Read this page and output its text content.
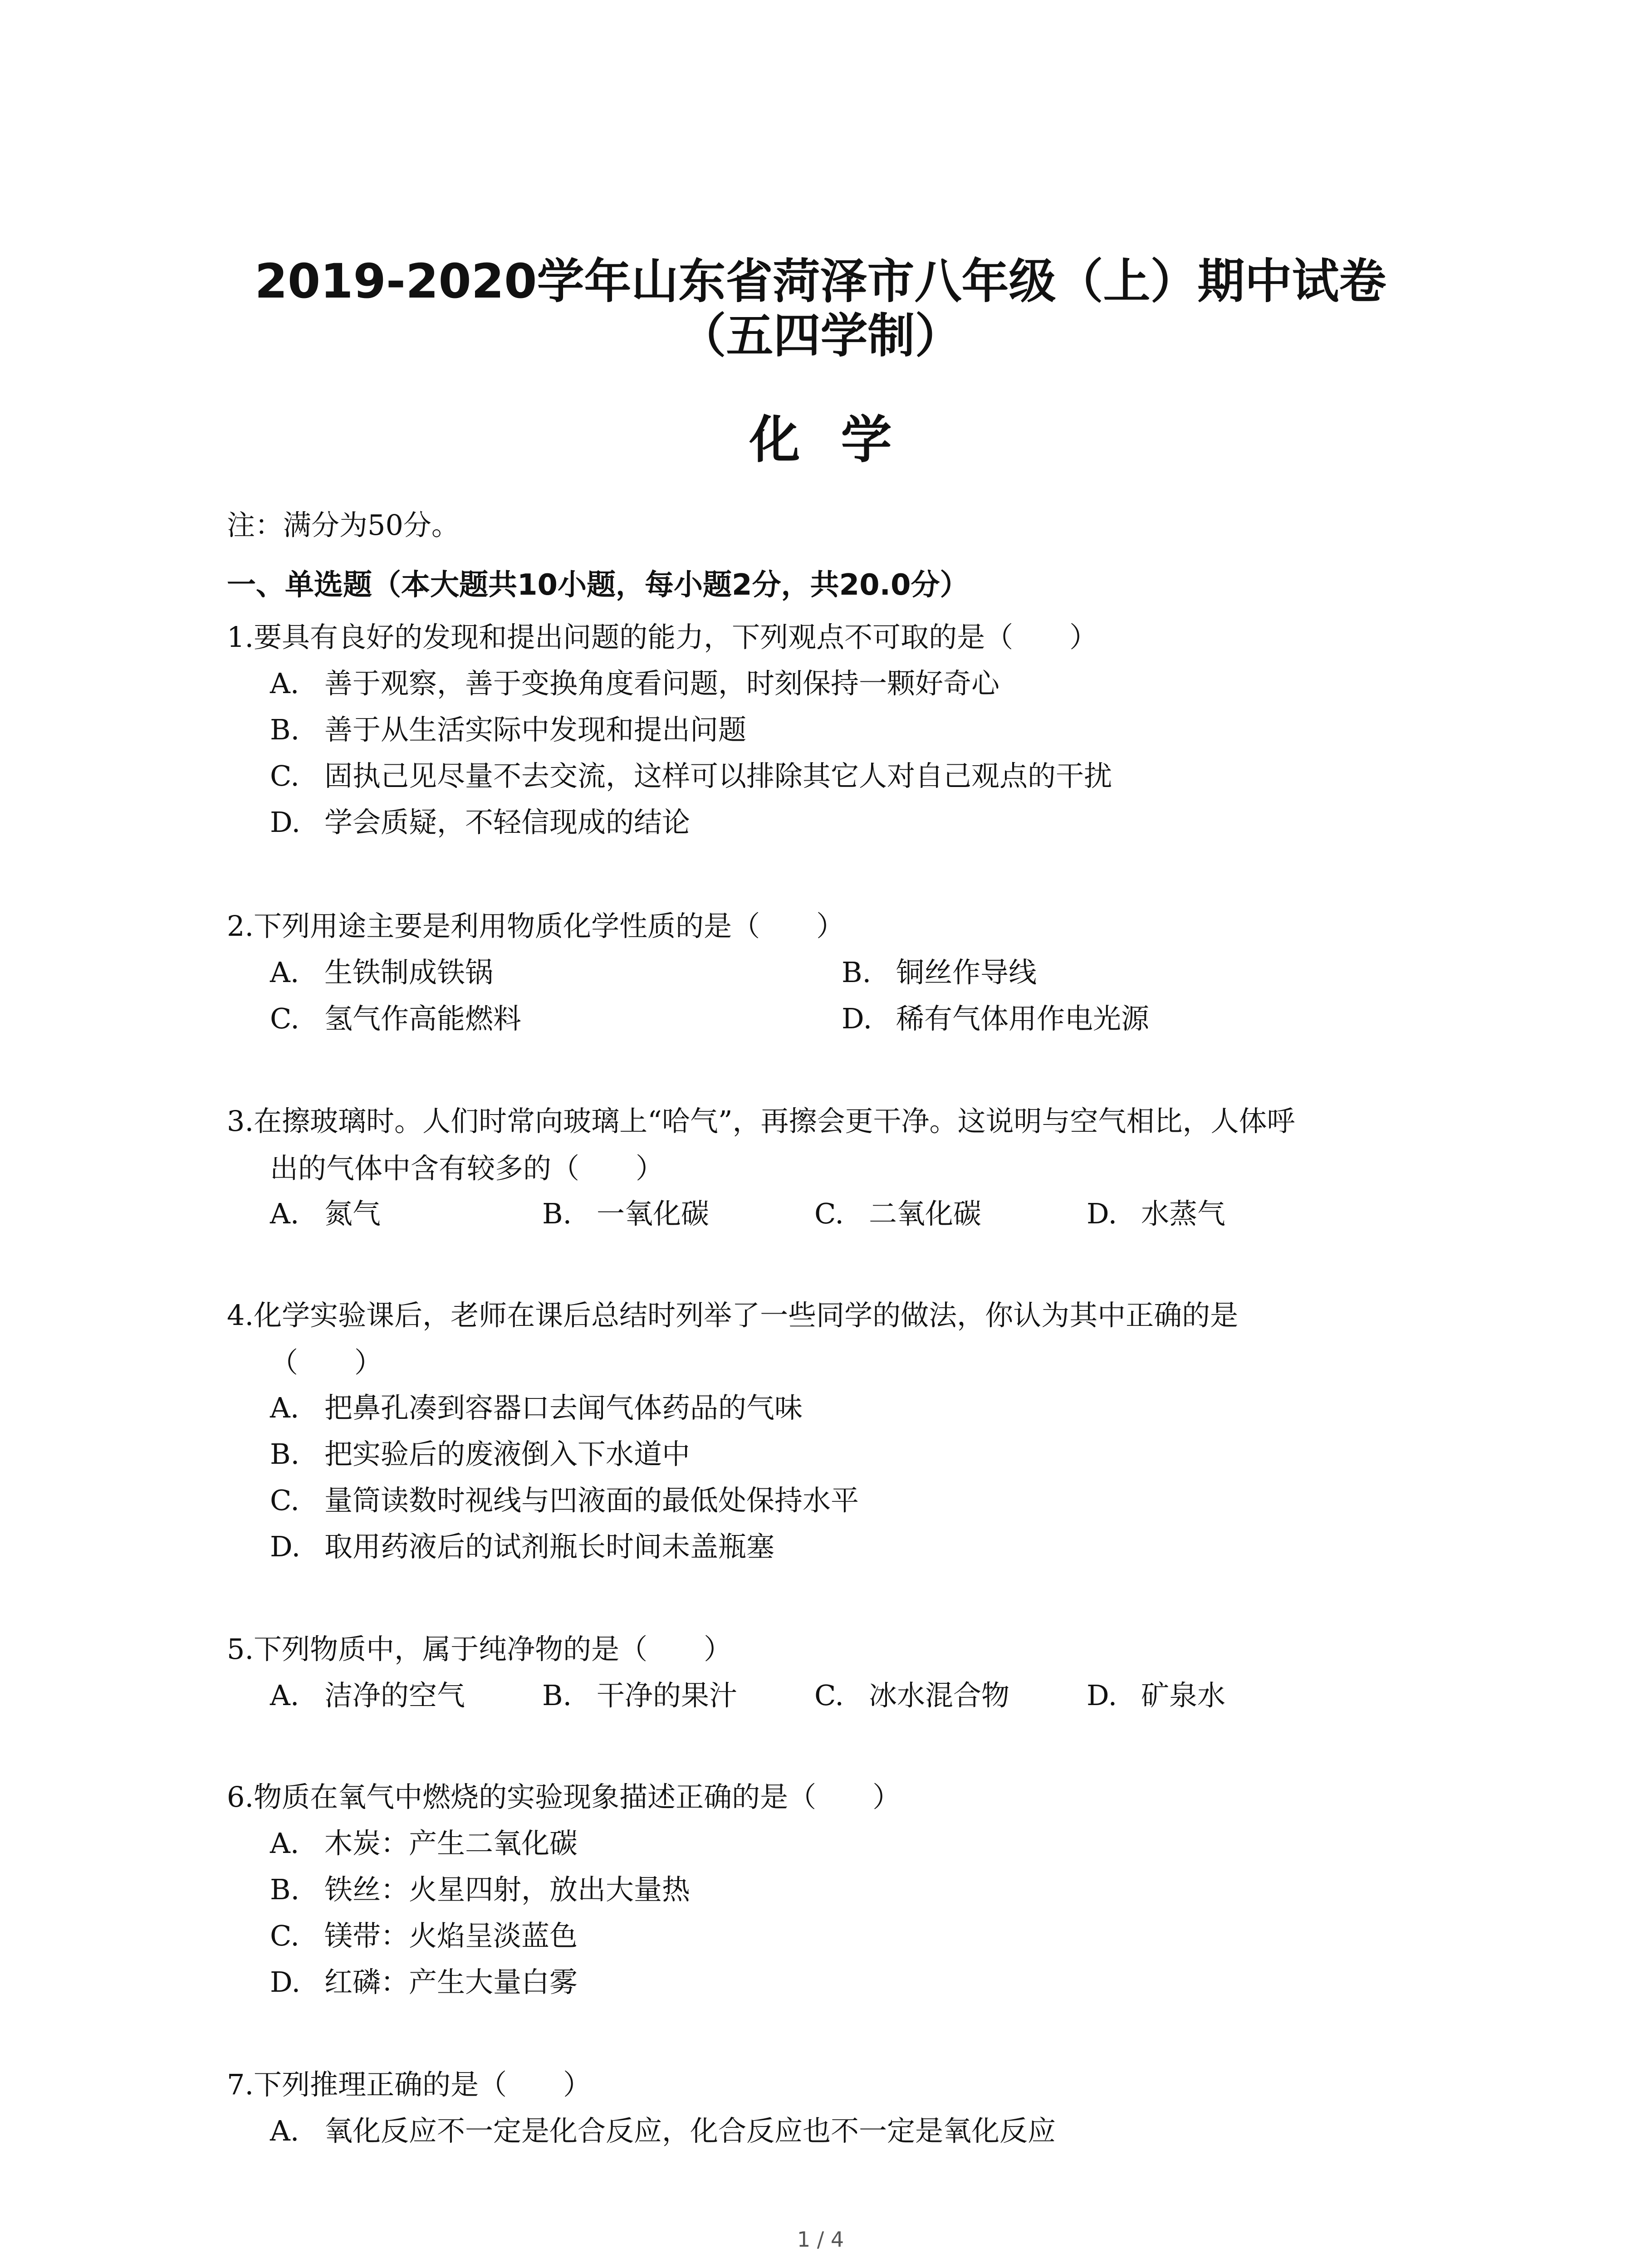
2019-2020学年山东省菏泽市八年级（上）期中试卷
（五四学制）
化学
注：满分为50分。
一、单选题（本大题共10小题，每小题2分，共20.0分）
1.要具有良好的发现和提出问题的能力，下列观点不可取的是（　　）
A. 善于观察，善于变换角度看问题，时刻保持一颗好奇心
B. 善于从生活实际中发现和提出问题
C. 固执己见尽量不去交流，这样可以排除其它人对自己观点的干扰
D. 学会质疑，不轻信现成的结论
2.下列用途主要是利用物质化学性质的是（　　）
A. 生铁制成铁锅	B. 铜丝作导线
C. 氢气作高能燃料	D. 稀有气体用作电光源
3.在擦玻璃时。人们时常向玻璃上“哈气”，再擦会更干净。这说明与空气相比，人体呼
出的气体中含有较多的（　　）
A. 氮气	B. 一氧化碳	C. 二氧化碳	D. 水蒸气
4.化学实验课后，老师在课后总结时列举了一些同学的做法，你认为其中正确的是
（　　）
A. 把鼻孔凑到容器口去闻气体药品的气味
B. 把实验后的废液倒入下水道中
C. 量筒读数时视线与凹液面的最低处保持水平
D. 取用药液后的试剂瓶长时间未盖瓶塞
5.下列物质中，属于纯净物的是（　　）
A. 洁净的空气	B. 干净的果汁	C. 冰水混合物	D. 矿泉水
6.物质在氧气中燃烧的实验现象描述正确的是（　　）
A. 木炭：产生二氧化碳
B. 铁丝：火星四射，放出大量热
C. 镁带：火焰呈淡蓝色
D. 红磷：产生大量白雾
7.下列推理正确的是（　　）
A. 氧化反应不一定是化合反应，化合反应也不一定是氧化反应
1 / 4
